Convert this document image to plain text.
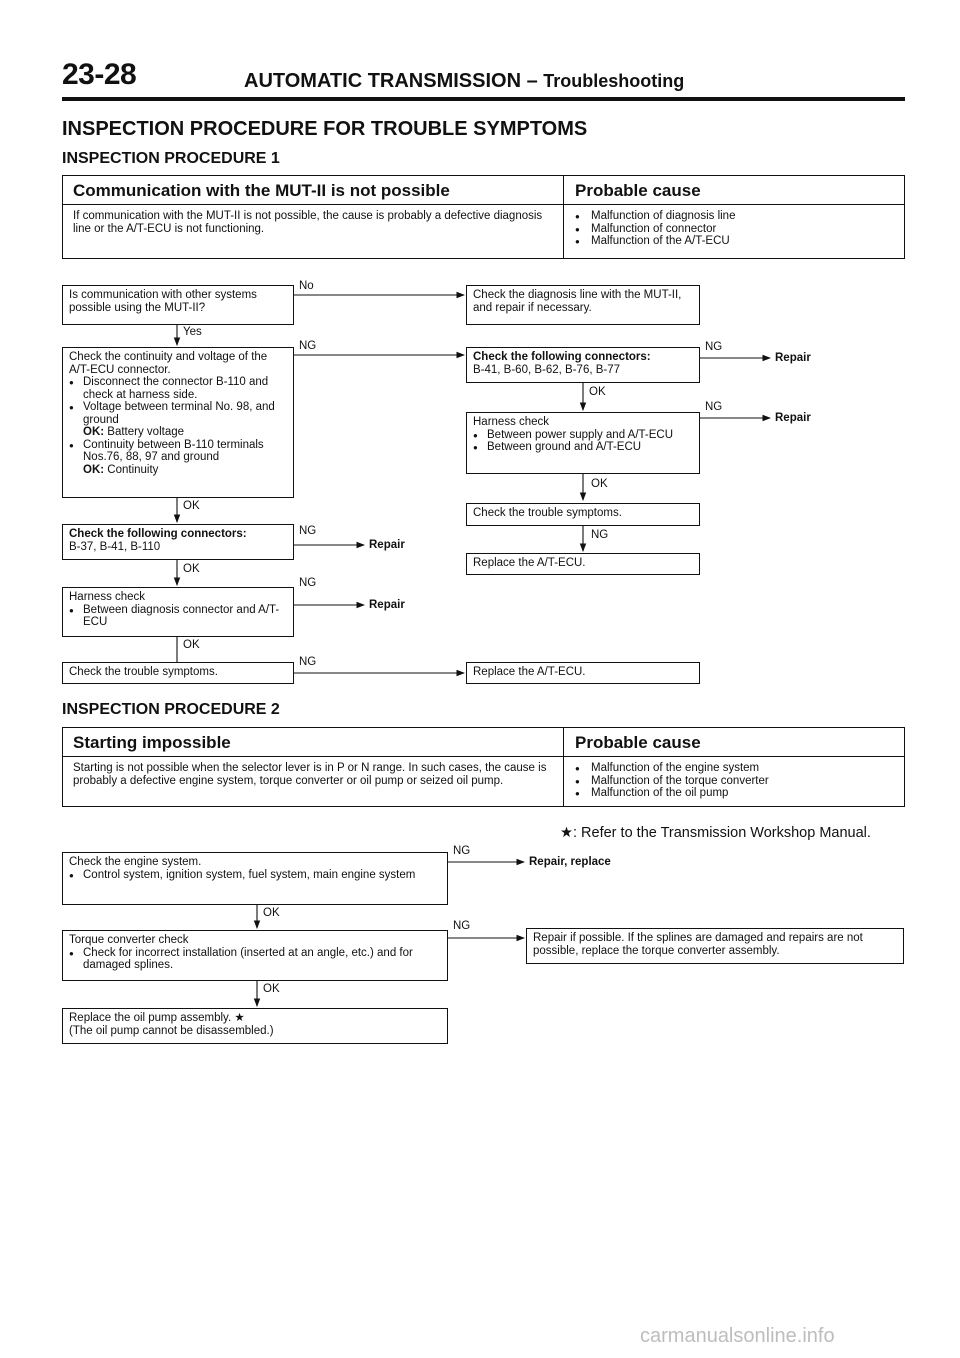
23-28	AUTOMATIC TRANSMISSION – Troubleshooting
INSPECTION PROCEDURE FOR TROUBLE SYMPTOMS
INSPECTION PROCEDURE 1
Communication with the MUT-II is not possible	Probable cause
If communication with the MUT-II is not possible, the cause is probably a defective diagnosis line or the A/T-ECU is not functioning.
● Malfunction of diagnosis line
● Malfunction of connector
● Malfunction of the A/T-ECU
Is communication with other systems possible using the MUT-II?
No
Check the diagnosis line with the MUT-II, and repair if necessary.
Yes
Check the continuity and voltage of the A/T-ECU connector.
● Disconnect the connector B-110 and check at harness side.
● Voltage between terminal No. 98, and ground
OK: Battery voltage
● Continuity between B-110 terminals Nos.76, 88, 97 and ground
OK: Continuity
NG
OK
Check the following connectors:
B-37, B-41, B-110
NG
Repair
OK
Harness check
● Between diagnosis connector and A/T-ECU
NG
Repair
OK
Check the trouble symptoms.
NG
Replace the A/T-ECU.
Check the following connectors:
B-41, B-60, B-62, B-76, B-77
NG
Repair
OK
Harness check
● Between power supply and A/T-ECU
● Between ground and A/T-ECU
NG
Repair
OK
Check the trouble symptoms.
NG
Replace the A/T-ECU.
INSPECTION PROCEDURE 2
Starting impossible	Probable cause
Starting is not possible when the selector lever is in P or N range. In such cases, the cause is probably a defective engine system, torque converter or oil pump or seized oil pump.
● Malfunction of the engine system
● Malfunction of the torque converter
● Malfunction of the oil pump
★: Refer to the Transmission Workshop Manual.
Check the engine system.
● Control system, ignition system, fuel system, main engine system
NG
Repair, replace
OK
Torque converter check
● Check for incorrect installation (inserted at an angle, etc.) and for damaged splines.
NG
Repair if possible. If the splines are damaged and repairs are not possible, replace the torque converter assembly.
OK
Replace the oil pump assembly. ★
(The oil pump cannot be disassembled.)
carmanualsonline.info
